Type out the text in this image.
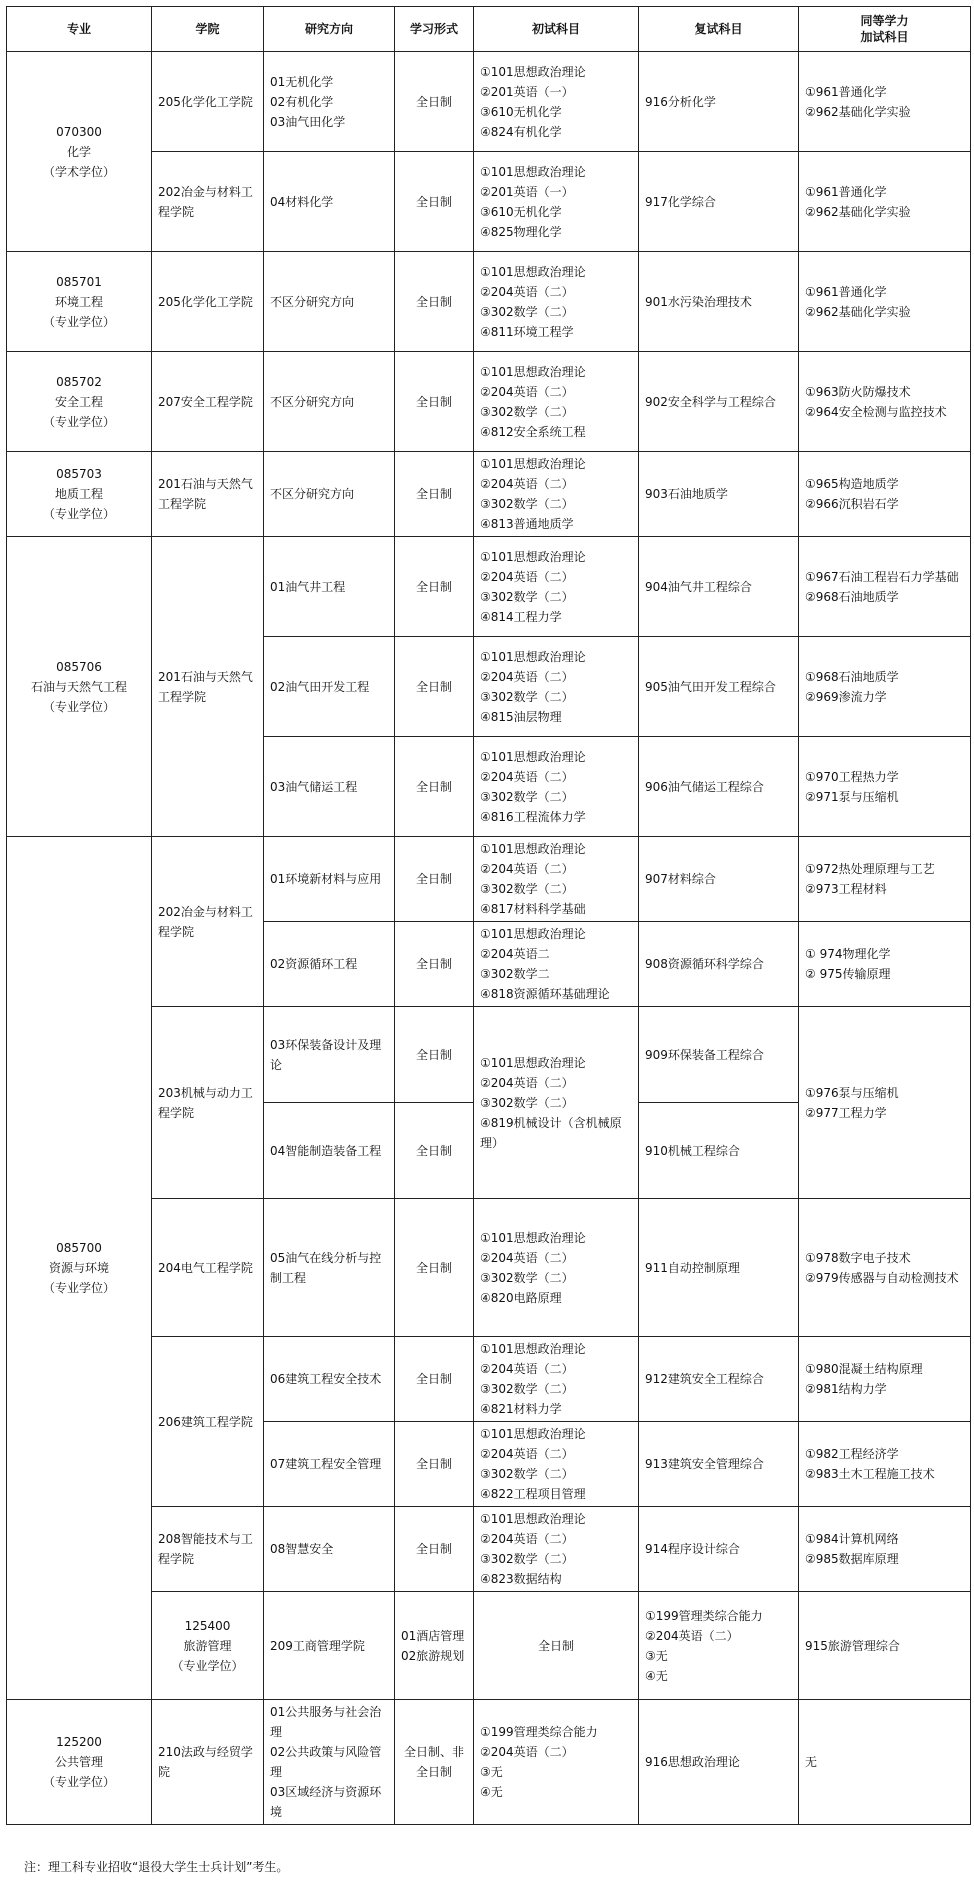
专业	学院	研究方向	学习形式	初试科目	复试科目	同等学力
加试科目	

070300
化学
（学术学位）	205化学化工学院	01无机化学
02有机化学
03油气田化学	全日制	①101思想政治理论
②201英语（一）
③610无机化学
④824有机化学	916分析化学	①961普通化学
②962基础化学实验	

	202冶金与材料工程学院	04材料化学	全日制	①101思想政治理论
②201英语（一）
③610无机化学
④825物理化学	917化学综合	①961普通化学
②962基础化学实验	

085701
环境工程
（专业学位）	205化学化工学院	不区分研究方向	全日制	①101思想政治理论
②204英语（二）
③302数学（二）
④811环境工程学	901水污染治理技术	①961普通化学
②962基础化学实验	

085702
安全工程
（专业学位）	207安全工程学院	不区分研究方向	全日制	①101思想政治理论
②204英语（二）
③302数学（二）
④812安全系统工程	902安全科学与工程综合	①963防火防爆技术
②964安全检测与监控技术	

085703
地质工程
（专业学位）	201石油与天然气工程学院	不区分研究方向	全日制	①101思想政治理论
②204英语（二）
③302数学（二）
④813普通地质学	903石油地质学	①965构造地质学
②966沉积岩石学	

085706
石油与天然气工程
（专业学位）	201石油与天然气工程学院	01油气井工程	全日制	①101思想政治理论
②204英语（二）
③302数学（二）
④814工程力学	904油气井工程综合	①967石油工程岩石力学基础
②968石油地质学	

		02油气田开发工程	全日制	①101思想政治理论
②204英语（二）
③302数学（二）
④815油层物理	905油气田开发工程综合	①968石油地质学
②969渗流力学	

		03油气储运工程	全日制	①101思想政治理论
②204英语（二）
③302数学（二）
④816工程流体力学	906油气储运工程综合	①970工程热力学
②971泵与压缩机	

085700
资源与环境
（专业学位）	202冶金与材料工程学院	01环境新材料与应用	全日制	①101思想政治理论
②204英语（二）
③302数学（二）
④817材料科学基础	907材料综合	①972热处理原理与工艺
②973工程材料	

		02资源循环工程	全日制	①101思想政治理论
②204英语二
③302数学二
④818资源循环基础理论	908资源循环科学综合	① 974物理化学
② 975传输原理	

	203机械与动力工程学院	03环保装备设计及理论	全日制	①101思想政治理论
②204英语（二）
③302数学（二）
④819机械设计（含机械原理）	909环保装备工程综合	①976泵与压缩机
②977工程力学	

		04智能制造装备工程	全日制		910机械工程综合		
	204电气工程学院	05油气在线分析与控制工程	全日制	①101思想政治理论
②204英语（二）
③302数学（二）
④820电路原理	911自动控制原理	①978数字电子技术
②979传感器与自动检测技术	

	206建筑工程学院	06建筑工程安全技术	全日制	①101思想政治理论
②204英语（二）
③302数学（二）
④821材料力学	912建筑安全工程综合	①980混凝土结构原理
②981结构力学	

		07建筑工程安全管理	全日制	①101思想政治理论
②204英语（二）
③302数学（二）
④822工程项目管理	913建筑安全管理综合	①982工程经济学
②983土木工程施工技术	

	208智能技术与工程学院	08智慧安全	全日制	①101思想政治理论
②204英语（二）
③302数学（二）
④823数据结构	914程序设计综合	①984计算机网络
②985数据库原理	

	125400
旅游管理
（专业学位）	209工商管理学院	01酒店管理
02旅游规划	全日制	①199管理类综合能力
②204英语（二）
③无
④无	915旅游管理综合	

125200
公共管理
（专业学位）	210法政与经贸学院	01公共服务与社会治理
02公共政策与风险管理
03区域经济与资源环境	全日制、非全日制	①199管理类综合能力
②204英语（二）
③无
④无	916思想政治理论	无	
注：理工科专业招收“退役大学生士兵计划”考生。
